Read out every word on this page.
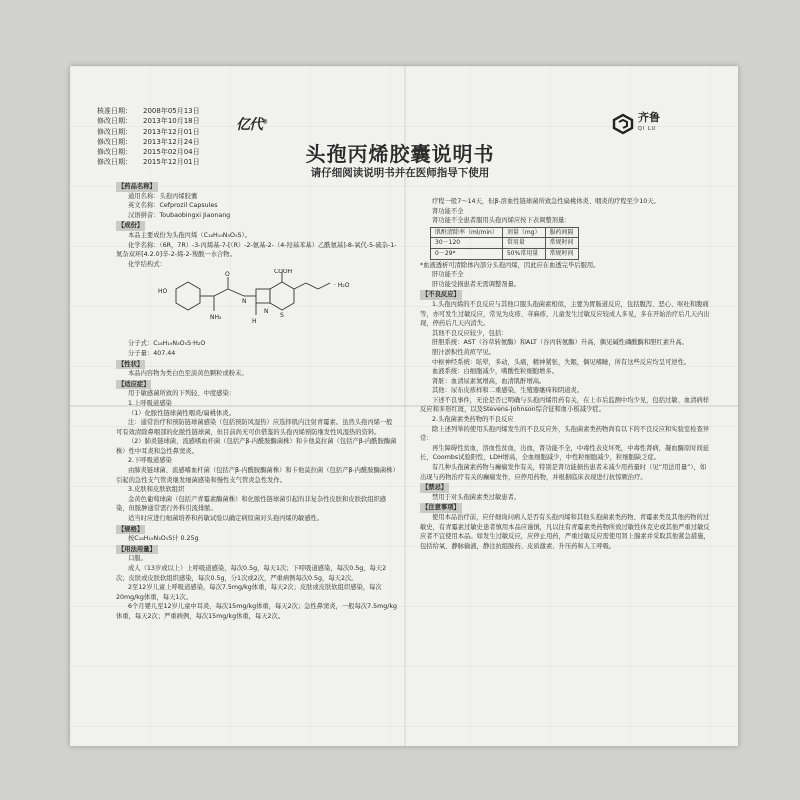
核准日期：	2008年05月13日
修改日期：	2013年10月18日
修改日期：	2013年12月01日
修改日期：	2013年12月24日
修改日期：	2015年02月04日
修改日期：	2015年12月01日
亿代®	齐鲁
QI LU
头孢丙烯胶囊说明书
请仔细阅读说明书并在医师指导下使用
【药品名称】

通用名称：头孢丙烯胶囊

英文名称：Cefprozil Capsules

汉语拼音：Toubaobingxi Jiaonang

【成份】

本品主要成份为头孢丙烯（C₁₈H₁₉N₃O₅S）。

化学名称：（6R，7R）-3-丙烯基-7-[（R）-2-氨基-2-（4-羟基苯基）乙酰氨基]-8-氧代-5-硫杂-1-氮杂双环[4.2.0]辛-2-烯-2-羧酸一水合物。

化学结构式：

HO
NH₂
O
N
H
N
S
COOH
· H₂O

分子式：C₁₈H₁₉N₃O₅S·H₂O

分子量：407.44

【性状】

本品内容物为类白色至淡黄色颗粒或粉末。

【适应症】

用于敏感菌所致的下列轻、中度感染：

1.上呼吸道感染

（1）化脓性链球菌性咽炎/扁桃体炎。

注：通常治疗和预防链球菌感染（包括预防风湿热）应选择肌内注射青霉素。虽然头孢丙烯一般可有效清除鼻咽部的化脓性链球菌，但目前尚无可供借鉴的头孢丙烯预防继发性风湿热的资料。

（2）肺炎链球菌、流感嗜血杆菌（包括产β-内酰胺酶菌株）和卡他莫拉菌（包括产β-内酰胺酶菌株）性中耳炎和急性鼻窦炎。

2.下呼吸道感染

由肺炎链球菌、流感嗜血杆菌（包括产β-内酰胺酶菌株）和卡他莫拉菌（包括产β-内酰胺酶菌株）引起的急性支气管炎继发细菌感染和慢性支气管炎急性发作。

3.皮肤和皮肤软组织

金黄色葡萄球菌（包括产青霉素酶菌株）和化脓性链球菌引起的非复杂性皮肤和皮肤软组织感染，但脓肿通常需行外科引流排脓。

适当时应进行细菌培养和药敏试验以确定病原菌对头孢丙烯的敏感性。

【规格】

按C₁₈H₁₉N₃O₅S计 0.25g

【用法用量】

口服。

成人（13岁或以上）上呼吸道感染，每次0.5g，每天1次；下呼吸道感染，每次0.5g，每天2次；皮肤或皮肤软组织感染，每次0.5g，分1次或2次，严重病例每次0.5g，每天2次。

2至12岁儿童上呼吸道感染，每次7.5mg/kg体重，每天2次；皮肤或皮肤软组织感染，每次20mg/kg体重，每天1次。

6个月婴儿至12岁儿童中耳炎，每次15mg/kg体重，每天2次；急性鼻窦炎，一般每次7.5mg/kg体重，每天2次；严重病例，每次15mg/kg体重，每天2次。

疗程一般7～14天，但β-溶血性链球菌所致急性扁桃体炎、咽炎的疗程至少10天。

肾功能不全

肾功能不全患者服用头孢丙烯应按下表调整剂量：

肌酐清除率（ml/min）	剂量（mg）	服药间隔
30－120	常用量	常规时间
0－29*	50%常用量	常规时间

*血液透析可清除体内部分头孢丙烯，因此应在血透完毕后服用。

肝功能不全

肝功能受损患者无需调整剂量。

【不良反应】

1.头孢丙烯的不良反应与其他口服头孢菌素相似，主要为胃肠道反应，包括腹泻、恶心、呕吐和腹痛等，亦可发生过敏反应，常见为皮疹、荨麻疹，儿童发生过敏反应较成人多见，多在开始治疗后几天内出现，停药后几天内消失。

其他不良反应较少，包括：

肝胆系统：AST（谷草转氨酶）和ALT（谷丙转氨酶）升高，偶见碱性磷酸酶和胆红素升高。

胆汁淤积性黄疸罕见。

中枢神经系统：眩晕，多动，头痛，精神紧张，失眠，偶见嗜睡，所有这些反应均呈可逆性。

血液系统：白细胞减少，嗜酸性粒细胞增多。

肾脏：血清尿素氮增高，血清肌酐增高。

其他：尿布皮疹样和二重感染，生殖器瘙痒和阴道炎。

下述不良事件，无论是否已明确与头孢丙烯用药有关，在上市后监测中均少见，包括过敏、血清病样反应和多形红斑，以及Stevens-Johnson综合征和血小板减少症。

2.头孢菌素类药物的不良反应

除上述列举的使用头孢丙烯发生的不良反应外，头孢菌素类药物尚有以下的不良反应和实验室检查异常：

再生障碍性贫血，溶血性贫血，出血，肾功能不全，中毒性表皮坏死，中毒性肾病，凝血酶原时间延长，Coombs试验阳性，LDH增高，全血细胞减少，中性粒细胞减少，粒细胞缺乏症。

有几种头孢菌素药物与癫痫发作有关，特别是肾功能损伤患者未减少用药量时（见“用法用量”），如出现与药物治疗有关的癫痫发作，应停用药物，并根据临床表现进行抗惊厥治疗。

【禁忌】

禁用于对头孢菌素类过敏患者。

【注意事项】

使用本品治疗前，应仔细询问病人是否有头孢丙烯和其他头孢菌素类药物、青霉素类及其他药物的过敏史，有青霉素过敏史患者慎用本品应谨慎，凡以往有青霉素类药物所致过敏性休克史或其他严重过敏反应者不宜使用本品。如发生过敏反应，应停止用药，严重过敏反应需使用肾上腺素并采取其他紧急措施，包括给氧、静脉输液，静注抗组胺药、皮质激素、升压药和人工呼吸。
